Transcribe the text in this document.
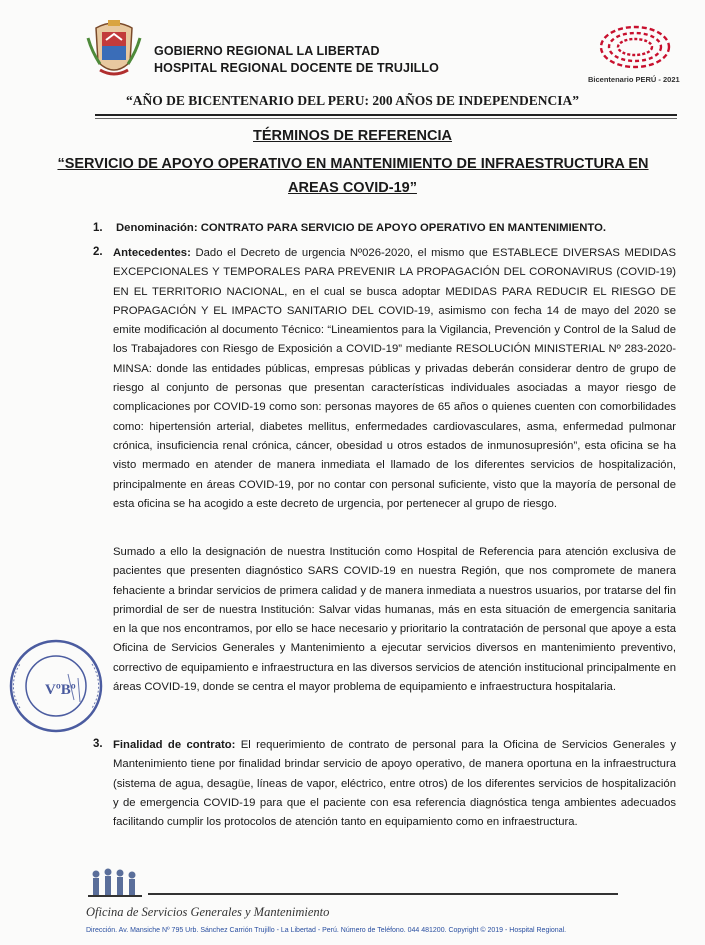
GOBIERNO REGIONAL LA LIBERTAD
HOSPITAL REGIONAL DOCENTE DE TRUJILLO
Bicentenario PERÚ - 2021
“AÑO DE BICENTENARIO DEL PERU: 200 AÑOS DE INDEPENDENCIA”
TÉRMINOS DE REFERENCIA
“SERVICIO DE APOYO OPERATIVO EN MANTENIMIENTO DE INFRAESTRUCTURA EN
AREAS COVID-19”
1. Denominación: CONTRATO PARA SERVICIO DE APOYO OPERATIVO EN MANTENIMIENTO.
2. Antecedentes: Dado el Decreto de urgencia Nº026-2020, el mismo que ESTABLECE DIVERSAS MEDIDAS EXCEPCIONALES Y TEMPORALES PARA PREVENIR LA PROPAGACIÓN DEL CORONAVIRUS (COVID-19) EN EL TERRITORIO NACIONAL, en el cual se busca adoptar MEDIDAS PARA REDUCIR EL RIESGO DE PROPAGACIÓN Y EL IMPACTO SANITARIO DEL COVID-19, asimismo con fecha 14 de mayo del 2020 se emite modificación al documento Técnico: “Lineamientos para la Vigilancia, Prevención y Control de la Salud de los Trabajadores con Riesgo de Exposición a COVID-19” mediante RESOLUCIÓN MINISTERIAL Nº 283-2020-MINSA: donde las entidades públicas, empresas públicas y privadas deberán considerar dentro de grupo de riesgo al conjunto de personas que presentan características individuales asociadas a mayor riesgo de complicaciones por COVID-19 como son: personas mayores de 65 años o quienes cuenten con comorbilidades como: hipertensión arterial, diabetes mellitus, enfermedades cardiovasculares, asma, enfermedad pulmonar crónica, insuficiencia renal crónica, cáncer, obesidad u otros estados de inmunosupresión”, esta oficina se ha visto mermado en atender de manera inmediata el llamado de los diferentes servicios de hospitalización, principalmente en áreas COVID-19, por no contar con personal suficiente, visto que la mayoría de personal de esta oficina se ha acogido a este decreto de urgencia, por pertenecer al grupo de riesgo.

Sumado a ello la designación de nuestra Institución como Hospital de Referencia para atención exclusiva de pacientes que presenten diagnóstico SARS COVID-19 en nuestra Región, que nos compromete de manera fehaciente a brindar servicios de primera calidad y de manera inmediata a nuestros usuarios, por tratarse del fin primordial de ser de nuestra Institución: Salvar vidas humanas, más en esta situación de emergencia sanitaria en la que nos encontramos, por ello se hace necesario y prioritario la contratación de personal que apoye a esta Oficina de Servicios Generales y Mantenimiento a ejecutar servicios diversos en mantenimiento preventivo, correctivo de equipamiento e infraestructura en las diversos servicios de atención institucional principalmente en áreas COVID-19, donde se centra el mayor problema de equipamiento e infraestructura hospitalaria.

3. Finalidad de contrato: El requerimiento de contrato de personal para la Oficina de Servicios Generales y Mantenimiento tiene por finalidad brindar servicio de apoyo operativo, de manera oportuna en la infraestructura (sistema de agua, desagüe, líneas de vapor, eléctrico, entre otros) de los diferentes servicios de hospitalización y de emergencia COVID-19 para que el paciente con esa referencia diagnóstica tenga ambientes adecuados facilitando cumplir los protocolos de atención tanto en equipamiento como en infraestructura.

VºBº
Oficina de Servicios Generales y Mantenimiento
Dirección. Av. Mansiche Nº 795 Urb. Sánchez Carrión Trujillo - La Libertad - Perú. Número de Teléfono. 044 481200. Copyright © 2019 - Hospital Regional.
